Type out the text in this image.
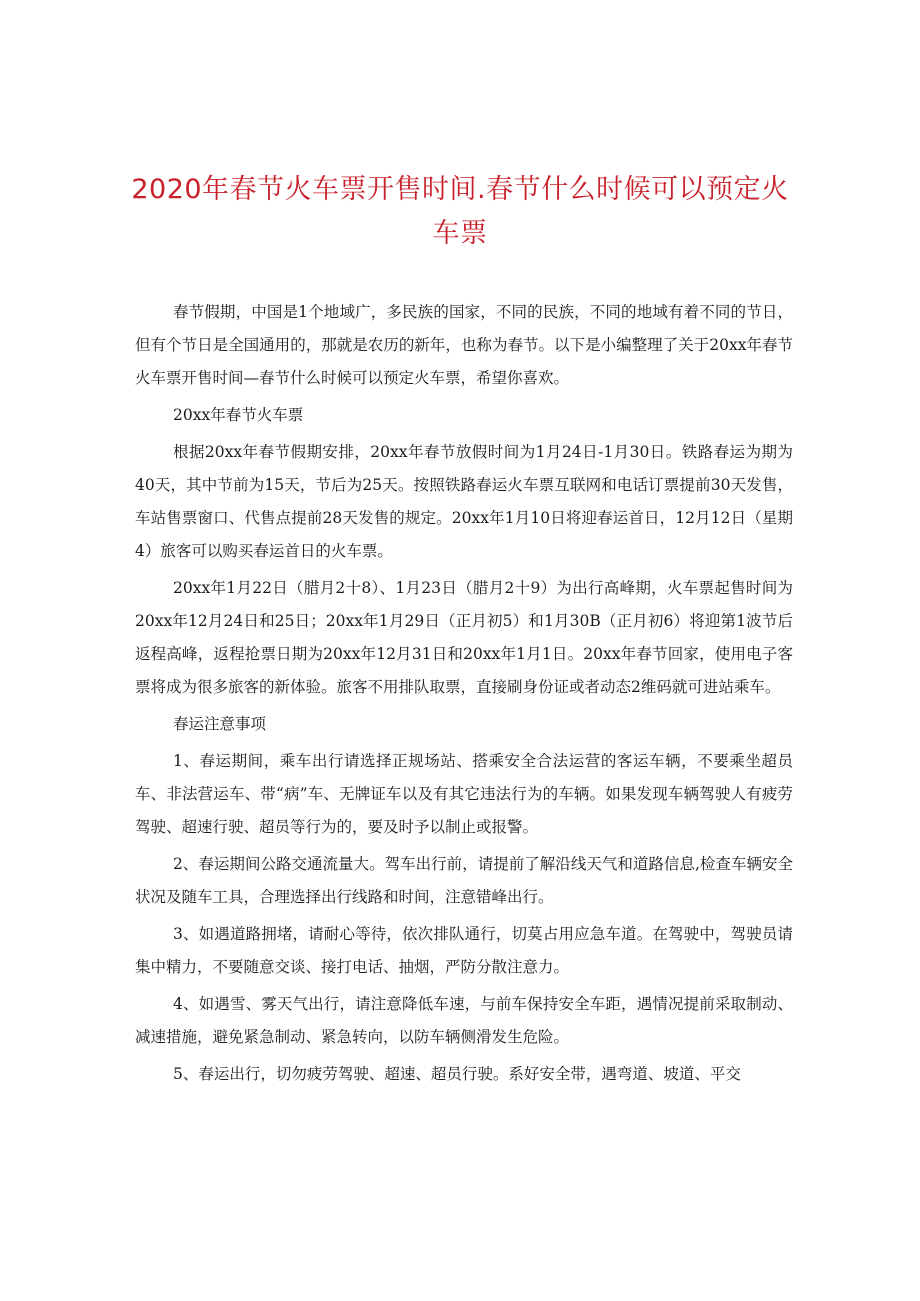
2020年春节火车票开售时间.春节什么时候可以预定火车票

春节假期，中国是1个地域广，多民族的国家，不同的民族，不同的地域有着不同的节日，但有个节日是全国通用的，那就是农历的新年，也称为春节。以下是小编整理了关于20xx年春节火车票开售时间—春节什么时候可以预定火车票，希望你喜欢。

20xx年春节火车票

根据20xx年春节假期安排，20xx年春节放假时间为1月24日-1月30日。铁路春运为期为40天，其中节前为15天，节后为25天。按照铁路春运火车票互联网和电话订票提前30天发售，车站售票窗口、代售点提前28天发售的规定。20xx年1月10日将迎春运首日，12月12日（星期4）旅客可以购买春运首日的火车票。

20xx年1月22日（腊月2十8）、1月23日（腊月2十9）为出行高峰期，火车票起售时间为20xx年12月24日和25日；20xx年1月29日（正月初5）和1月30B（正月初6）将迎第1波节后返程高峰，返程抢票日期为20xx年12月31日和20xx年1月1日。20xx年春节回家，使用电子客票将成为很多旅客的新体验。旅客不用排队取票，直接刷身份证或者动态2维码就可进站乘车。

春运注意事项

1、春运期间，乘车出行请选择正规场站、搭乘安全合法运营的客运车辆，不要乘坐超员车、非法营运车、带“病”车、无牌证车以及有其它违法行为的车辆。如果发现车辆驾驶人有疲劳驾驶、超速行驶、超员等行为的，要及时予以制止或报警。

2、春运期间公路交通流量大。驾车出行前，请提前了解沿线天气和道路信息,检查车辆安全状况及随车工具，合理选择出行线路和时间，注意错峰出行。

3、如遇道路拥堵，请耐心等待，依次排队通行，切莫占用应急车道。在驾驶中，驾驶员请集中精力，不要随意交谈、接打电话、抽烟，严防分散注意力。

4、如遇雪、雾天气出行，请注意降低车速，与前车保持安全车距，遇情况提前采取制动、减速措施，避免紧急制动、紧急转向，以防车辆侧滑发生危险。

5、春运出行，切勿疲劳驾驶、超速、超员行驶。系好安全带，遇弯道、坡道、平交
